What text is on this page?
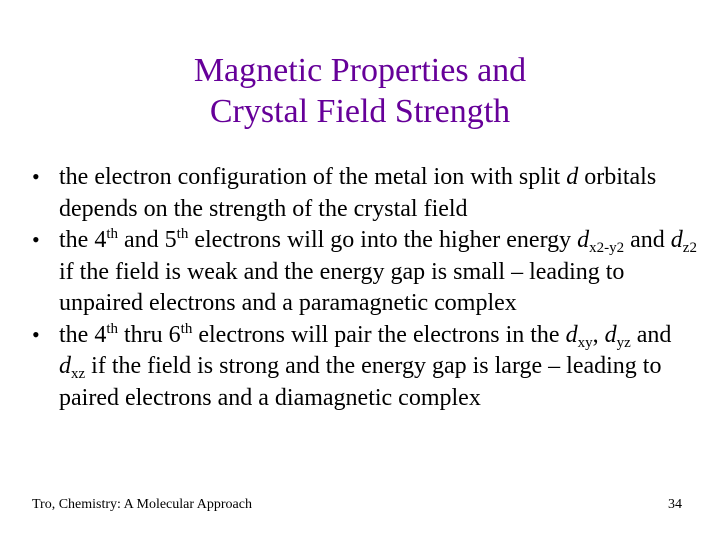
Magnetic Properties and
Crystal Field Strength
• the electron configuration of the metal ion with split d orbitals depends on the strength of the crystal field
• the 4th and 5th electrons will go into the higher energy $d_{x2-y2}$ and $d_{z2}$ if the field is weak and the energy gap is small – leading to unpaired electrons and a paramagnetic complex
• the 4th thru 6th electrons will pair the electrons in the $d_{xy}$, $d_{yz}$ and $d_{xz}$ if the field is strong and the energy gap is large – leading to paired electrons and a diamagnetic complex
Tro, Chemistry: A Molecular Approach	34
